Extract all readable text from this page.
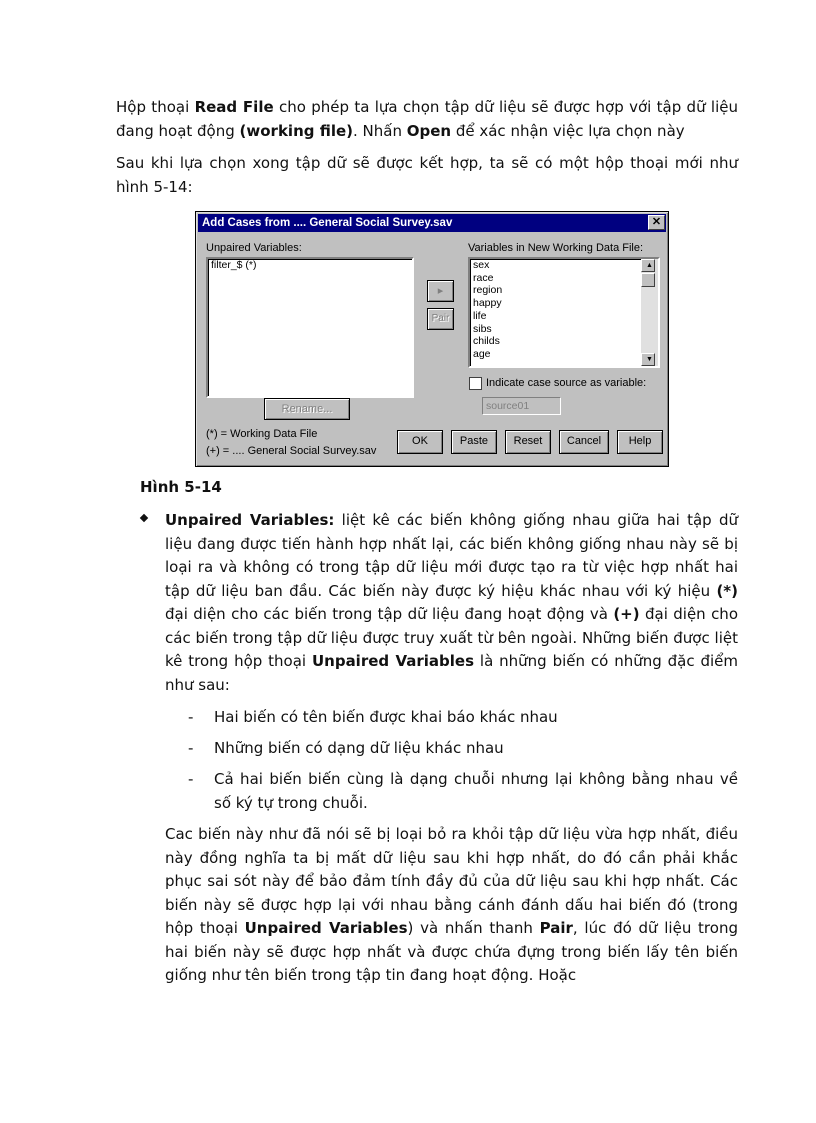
Hộp thoại Read File cho phép ta lựa chọn tập dữ liệu sẽ được hợp với tập dữ liệu đang hoạt động (working file). Nhấn Open để xác nhận việc lựa chọn này

Sau khi lựa chọn xong tập dữ sẽ được kết hợp, ta sẽ có một hộp thoại mới như hình 5-14:

Add Cases from .... General Social Survey.sav	✕
Unpaired Variables:
filter_$ (*)
▸
Pair
Variables in New Working Data File:
sex
race
region
happy
life
sibs
childs
age
▲
▼
Indicate case source as variable:
source01
Rename...
(*) = Working Data File
(+) = .... General Social Survey.sav
OK	Paste	Reset	Cancel	Help
Hình 5-14

Unpaired Variables: liệt kê các biến không giống nhau giữa hai tập dữ liệu đang được tiến hành hợp nhất lại, các biến không giống nhau này sẽ bị loại ra và không có trong tập dữ liệu mới được tạo ra từ việc hợp nhất hai tập dữ liệu ban đầu. Các biến này được ký hiệu khác nhau với ký hiệu (*) đại diện cho các biến trong tập dữ liệu đang hoạt động và (+) đại diện cho các biến trong tập dữ liệu được truy xuất từ bên ngoài. Những biến được liệt kê trong hộp thoại Unpaired Variables là những biến có những đặc điểm như sau:

- Hai biến có tên biến được khai báo khác nhau

- Những biến có dạng dữ liệu khác nhau

- Cả hai biến biến cùng là dạng chuỗi nhưng lại không bằng nhau về số ký tự trong chuỗi.

Cac biến này như đã nói sẽ bị loại bỏ ra khỏi tập dữ liệu vừa hợp nhất, điều này đồng nghĩa ta bị mất dữ liệu sau khi hợp nhất, do đó cần phải khắc phục sai sót này để bảo đảm tính đầy đủ của dữ liệu sau khi hợp nhất. Các biến này sẽ được hợp lại với nhau bằng cánh đánh dấu hai biến đó (trong hộp thoại Unpaired Variables) và nhấn thanh Pair, lúc đó dữ liệu trong hai biến này sẽ được hợp nhất và được chứa đựng trong biến lấy tên biến giống như tên biến trong tập tin đang hoạt động. Hoặc
